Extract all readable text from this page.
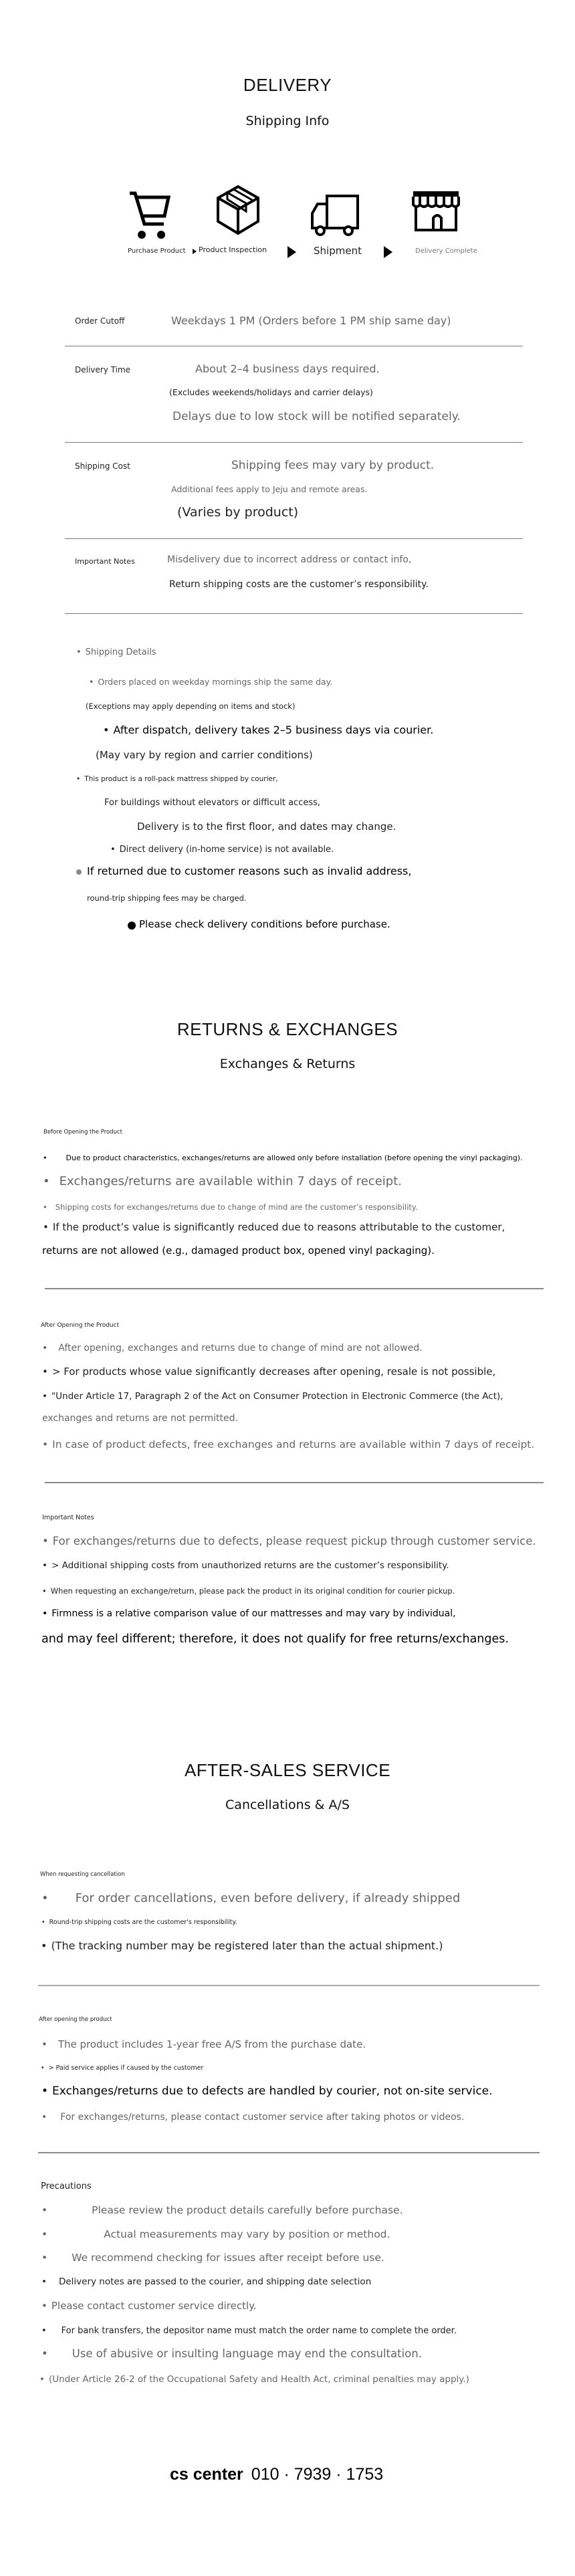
DELIVERY
Shipping Info
Purchase Product Product Inspection	Shipment	Delivery Complete
Order Cutoff	Weekdays 1 PM (Orders before 1 PM ship same day)
Delivery Time	About 2–4 business days required.
(Excludes weekends/holidays and carrier delays)
Delays due to low stock will be notified separately.
Shipping Cost	Shipping fees may vary by product.
Additional fees apply to Jeju and remote areas.
(Varies by product)
Important Notes	Misdelivery due to incorrect address or contact info,
Return shipping costs are the customer’s responsibility.
• Shipping Details
• Orders placed on weekday mornings ship the same day.
(Exceptions may apply depending on items and stock)
• After dispatch, delivery takes 2–5 business days via courier.
(May vary by region and carrier conditions)
• This product is a roll-pack mattress shipped by courier,
For buildings without elevators or difficult access,
Delivery is to the first floor, and dates may change.
• Direct delivery (in-home service) is not available.
If returned due to customer reasons such as invalid address,
round-trip shipping fees may be charged.
Please check delivery conditions before purchase.
RETURNS & EXCHANGES
Exchanges & Returns
Before Opening the Product
• Due to product characteristics, exchanges/returns are allowed only before installation (before opening the vinyl packaging).
• Exchanges/returns are available within 7 days of receipt.
• Shipping costs for exchanges/returns due to change of mind are the customer’s responsibility.
• If the product’s value is significantly reduced due to reasons attributable to the customer,
returns are not allowed (e.g., damaged product box, opened vinyl packaging).
After Opening the Product
• After opening, exchanges and returns due to change of mind are not allowed.
• > For products whose value significantly decreases after opening, resale is not possible,
• "Under Article 17, Paragraph 2 of the Act on Consumer Protection in Electronic Commerce (the Act),
exchanges and returns are not permitted.
• In case of product defects, free exchanges and returns are available within 7 days of receipt.
Important Notes
• For exchanges/returns due to defects, please request pickup through customer service.
• > Additional shipping costs from unauthorized returns are the customer’s responsibility.
• When requesting an exchange/return, please pack the product in its original condition for courier pickup.
• Firmness is a relative comparison value of our mattresses and may vary by individual,
and may feel different; therefore, it does not qualify for free returns/exchanges.
AFTER-SALES SERVICE
Cancellations & A/S
When requesting cancellation
• For order cancellations, even before delivery, if already shipped
• Round-trip shipping costs are the customer's responsibility.
• (The tracking number may be registered later than the actual shipment.)
After opening the product
• The product includes 1-year free A/S from the purchase date.
• > Paid service applies if caused by the customer
• Exchanges/returns due to defects are handled by courier, not on-site service.
• For exchanges/returns, please contact customer service after taking photos or videos.
Precautions
• Please review the product details carefully before purchase.
• Actual measurements may vary by position or method.
• We recommend checking for issues after receipt before use.
• Delivery notes are passed to the courier, and shipping date selection
• Please contact customer service directly.
• For bank transfers, the depositor name must match the order name to complete the order.
• Use of abusive or insulting language may end the consultation.
• (Under Article 26-2 of the Occupational Safety and Health Act, criminal penalties may apply.)
cs center 010 · 7939 · 1753
